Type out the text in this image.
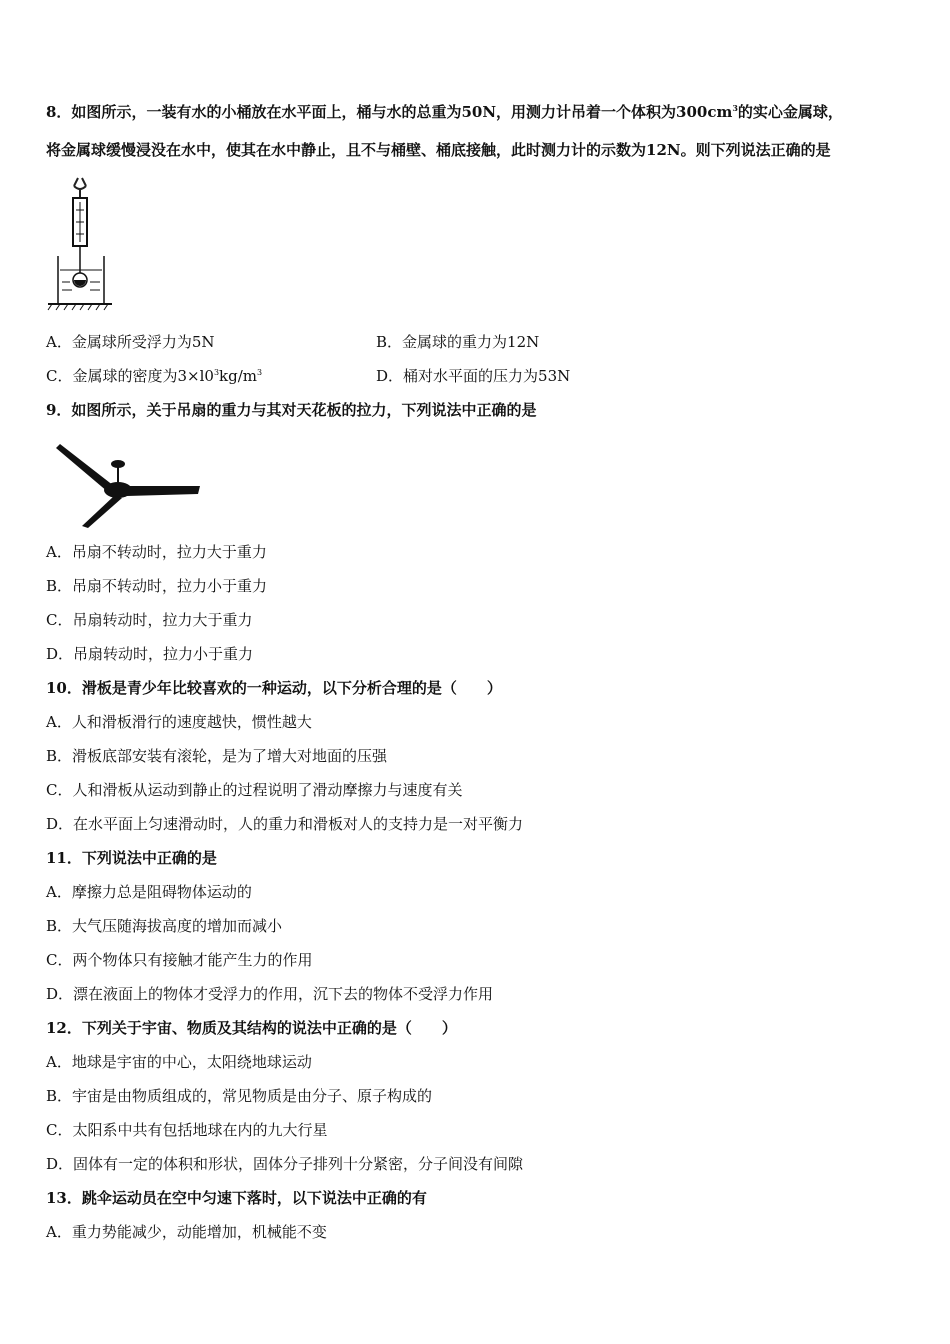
8．如图所示，一装有水的小桶放在水平面上，桶与水的总重为50N，用测力计吊着一个体积为$300cm^3$的实心金属球，
将金属球缓慢浸没在水中，使其在水中静止，且不与桶壁、桶底接触，此时测力计的示数为12N。则下列说法正确的是
A．金属球所受浮力为5N	B．金属球的重力为12N
C．金属球的密度为$3\times l0^3kg/m^3$	D．桶对水平面的压力为53N
9．如图所示，关于吊扇的重力与其对天花板的拉力，下列说法中正确的是
A．吊扇不转动时，拉力大于重力
B．吊扇不转动时，拉力小于重力
C．吊扇转动时，拉力大于重力
D．吊扇转动时，拉力小于重力
10．滑板是青少年比较喜欢的一种运动，以下分析合理的是（　　）
A．人和滑板滑行的速度越快，惯性越大
B．滑板底部安装有滚轮，是为了增大对地面的压强
C．人和滑板从运动到静止的过程说明了滑动摩擦力与速度有关
D．在水平面上匀速滑动时，人的重力和滑板对人的支持力是一对平衡力
11．下列说法中正确的是
A．摩擦力总是阻碍物体运动的
B．大气压随海拔高度的增加而减小
C．两个物体只有接触才能产生力的作用
D．漂在液面上的物体才受浮力的作用，沉下去的物体不受浮力作用
12．下列关于宇宙、物质及其结构的说法中正确的是（　　）
A．地球是宇宙的中心，太阳绕地球运动
B．宇宙是由物质组成的，常见物质是由分子、原子构成的
C．太阳系中共有包括地球在内的九大行星
D．固体有一定的体积和形状，固体分子排列十分紧密，分子间没有间隙
13．跳伞运动员在空中匀速下落时，以下说法中正确的有
A．重力势能减少，动能增加，机械能不变
